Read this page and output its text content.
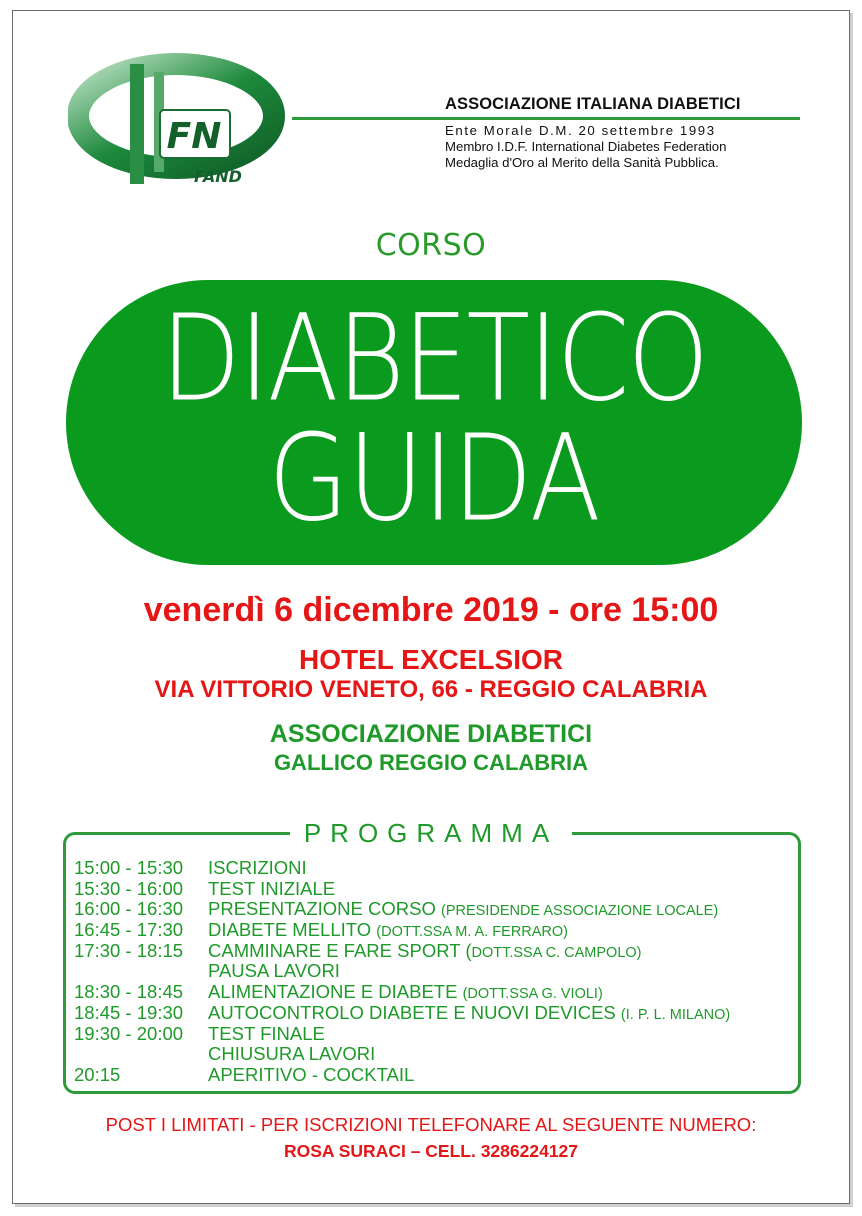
FN
FAND
ASSOCIAZIONE ITALIANA DIABETICI
Ente Morale D.M. 20 settembre 1993
Membro I.D.F. International Diabetes Federation
Medaglia d'Oro al Merito della Sanità Pubblica.
CORSO
DIABETICO
GUIDA
venerdì 6 dicembre 2019 - ore 15:00
HOTEL EXCELSIOR
VIA VITTORIO VENETO, 66 - REGGIO CALABRIA
ASSOCIAZIONE DIABETICI
GALLICO REGGIO CALABRIA
PROGRAMMA
15:00 - 15:30 ISCRIZIONI
15:30 - 16:00 TEST INIZIALE
16:00 - 16:30 PRESENTAZIONE CORSO (PRESIDENDE ASSOCIAZIONE LOCALE)
16:45 - 17:30 DIABETE MELLITO (DOTT.SSA M. A. FERRARO)
17:30 - 18:15 CAMMINARE E FARE SPORT (DOTT.SSA C. CAMPOLO)
PAUSA LAVORI
18:30 - 18:45 ALIMENTAZIONE E DIABETE (DOTT.SSA G. VIOLI)
18:45 - 19:30 AUTOCONTROLO DIABETE E NUOVI DEVICES (I. P. L. MILANO)
19:30 - 20:00 TEST FINALE
CHIUSURA LAVORI
20:15	APERITIVO - COCKTAIL
POST I LIMITATI - PER ISCRIZIONI TELEFONARE AL SEGUENTE NUMERO:
ROSA SURACI – CELL. 3286224127
